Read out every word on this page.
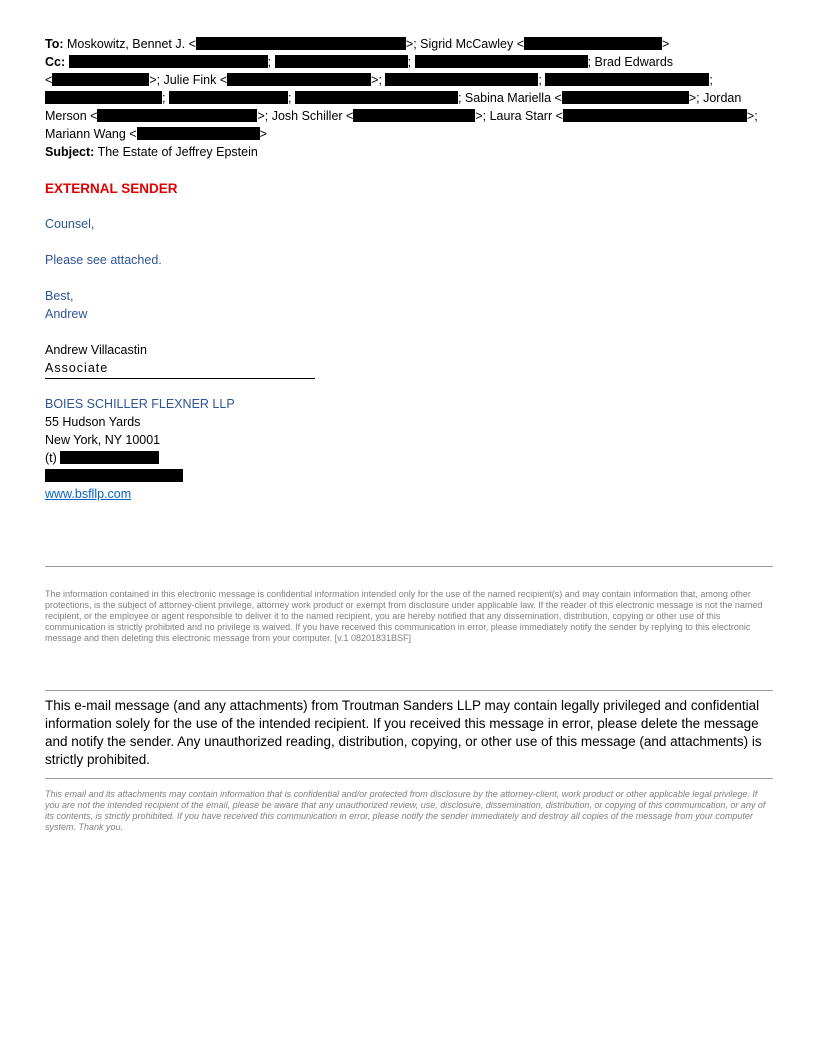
To: Moskowitz, Bennet J. <	>; Sigrid McCawley <	>
Cc:	;	;	; Brad Edwards
<	>; Julie Fink <	>;	;	;
;	;	; Sabina Mariella <	>; Jordan
Merson <	>; Josh Schiller <	>; Laura Starr <	>;
Mariann Wang <	>
Subject: The Estate of Jeffrey Epstein
EXTERNAL SENDER
Counsel,
Please see attached.
Best,
Andrew
Andrew Villacastin
Associate
BOIES SCHILLER FLEXNER LLP
55 Hudson Yards
New York, NY 10001
(t)
www.bsfllp.com
The information contained in this electronic message is confidential information intended only for the use of the named recipient(s) and may contain information that, among other protections, is the subject of attorney-client privilege, attorney work product or exempt from disclosure under applicable law. If the reader of this electronic message is not the named recipient, or the employee or agent responsible to deliver it to the named recipient, you are hereby notified that any dissemination, distribution, copying or other use of this communication is strictly prohibited and no privilege is waived. If you have received this communication in error, please immediately notify the sender by replying to this electronic message and then deleting this electronic message from your computer. [v.1 08201831BSF]
This e-mail message (and any attachments) from Troutman Sanders LLP may contain legally privileged and confidential information solely for the use of the intended recipient. If you received this message in error, please delete the message and notify the sender. Any unauthorized reading, distribution, copying, or other use of this message (and attachments) is strictly prohibited.
This email and its attachments may contain information that is confidential and/or protected from disclosure by the attorney-client, work product or other applicable legal privilege. If you are not the intended recipient of the email, please be aware that any unauthorized review, use, disclosure, dissemination, distribution, or copying of this communication, or any of its contents, is strictly prohibited. If you have received this communication in error, please notify the sender immediately and destroy all copies of the message from your computer system. Thank you.
